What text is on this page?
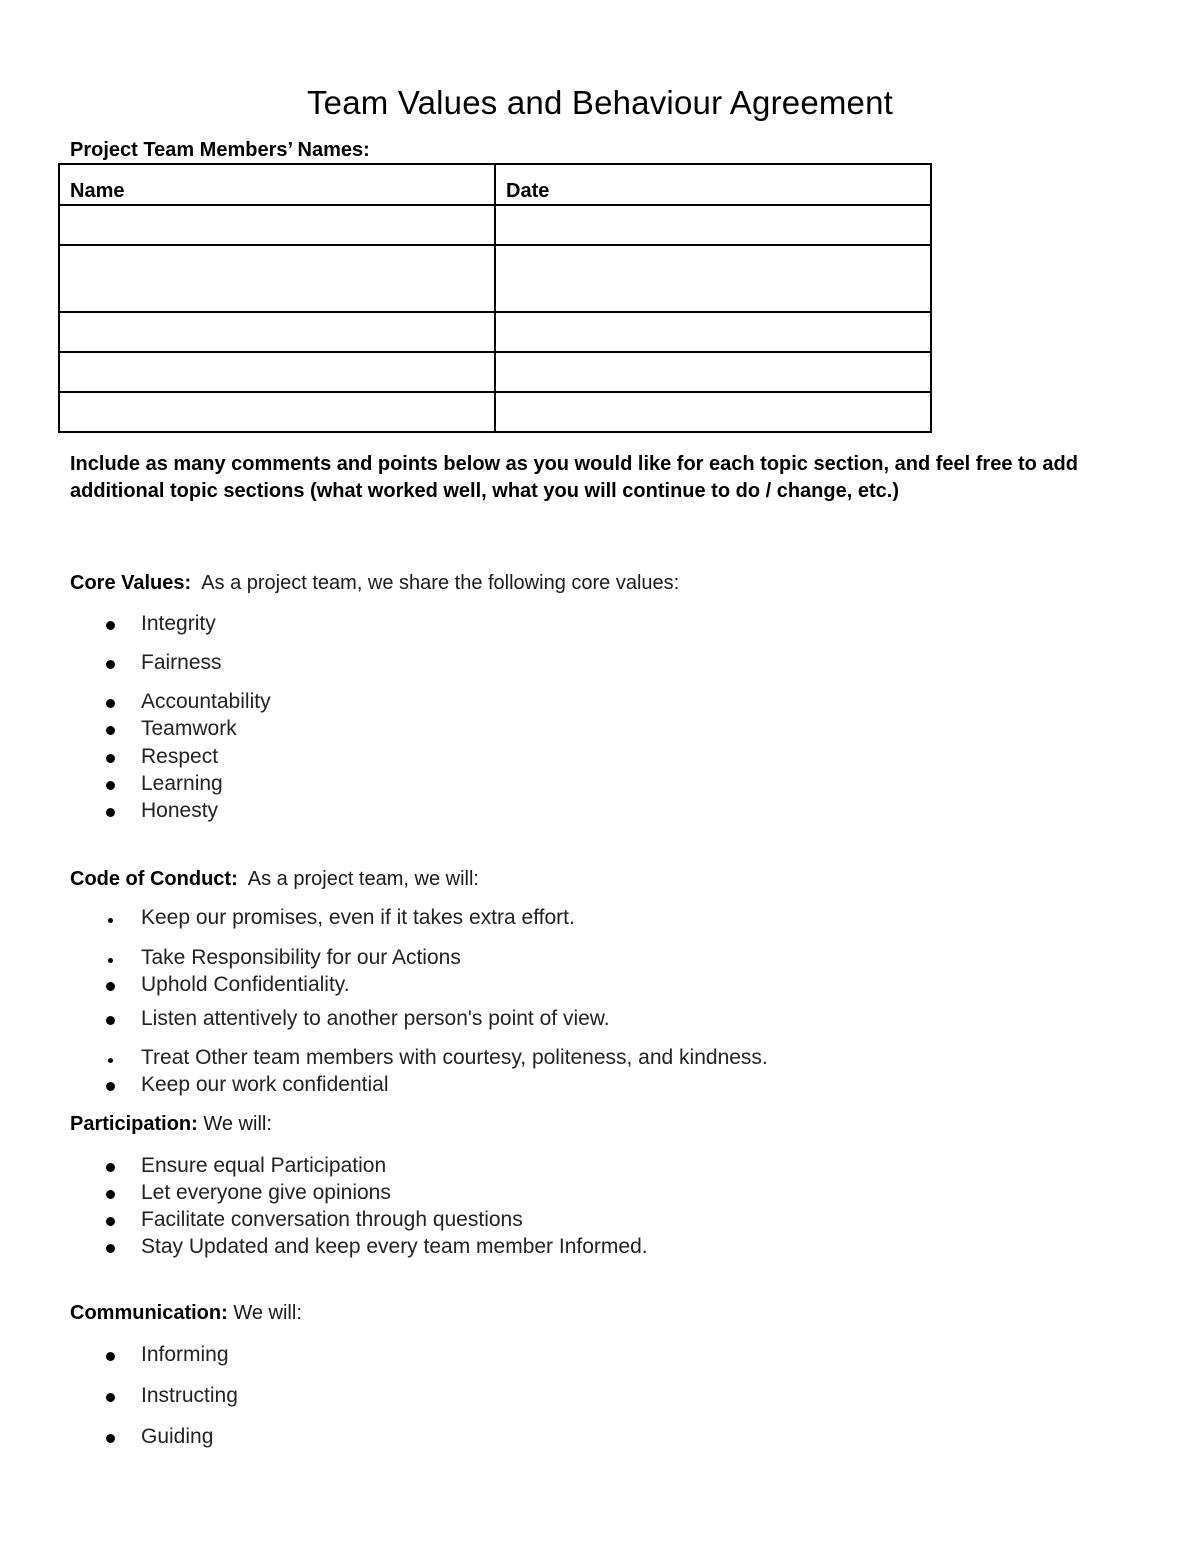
Team Values and Behaviour Agreement
Project Team Members’ Names:
Name	Date

Include as many comments and points below as you would like for each topic section, and feel free to add additional topic sections (what worked well, what you will continue to do / change, etc.)

Core Values: As a project team, we share the following core values:

Integrity
Fairness
Accountability
Teamwork
Respect
Learning
Honesty

Code of Conduct: As a project team, we will:

Keep our promises, even if it takes extra effort.
Take Responsibility for our Actions
Uphold Confidentiality.
Listen attentively to another person's point of view.
Treat Other team members with courtesy, politeness, and kindness.
Keep our work confidential

Participation: We will:

Ensure equal Participation
Let everyone give opinions
Facilitate conversation through questions
Stay Updated and keep every team member Informed.

Communication: We will:

Informing
Instructing
Guiding
